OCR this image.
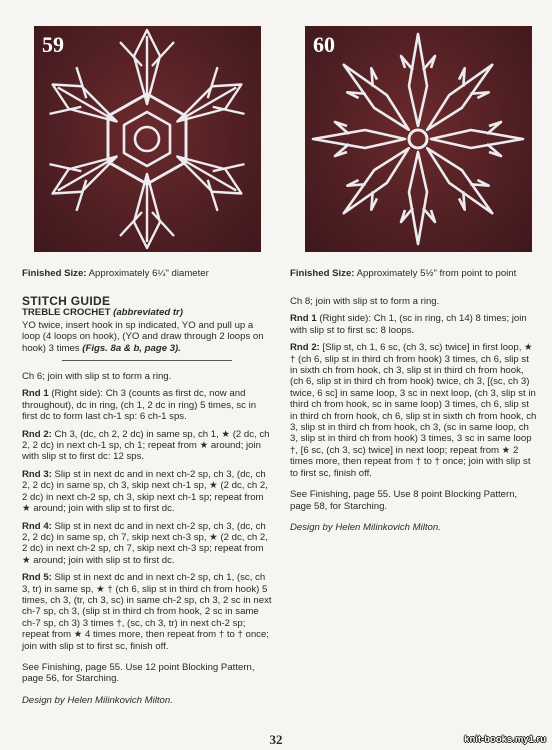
59	60
Finished Size: Approximately 6¼" diameter	Finished Size: Approximately 5½" from point to point
STITCH GUIDE
TREBLE CROCHET (abbreviated tr)

YO twice, insert hook in sp indicated, YO and pull up a loop (4 loops on hook), (YO and draw through 2 loops on hook) 3 times (Figs. 8a & b, page 3).

Ch 6; join with slip st to form a ring.

Rnd 1 (Right side): Ch 3 (counts as first dc, now and throughout), dc in ring, (ch 1, 2 dc in ring) 5 times, sc in first dc to form last ch-1 sp: 6 ch-1 sps.

Rnd 2: Ch 3, (dc, ch 2, 2 dc) in same sp, ch 1, ★ (2 dc, ch 2, 2 dc) in next ch-1 sp, ch 1; repeat from ★ around; join with slip st to first dc: 12 sps.

Rnd 3: Slip st in next dc and in next ch-2 sp, ch 3, (dc, ch 2, 2 dc) in same sp, ch 3, skip next ch-1 sp, ★ (2 dc, ch 2, 2 dc) in next ch-2 sp, ch 3, skip next ch-1 sp; repeat from ★ around; join with slip st to first dc.

Rnd 4: Slip st in next dc and in next ch-2 sp, ch 3, (dc, ch 2, 2 dc) in same sp, ch 7, skip next ch-3 sp, ★ (2 dc, ch 2, 2 dc) in next ch-2 sp, ch 7, skip next ch-3 sp; repeat from ★ around; join with slip st to first dc.

Rnd 5: Slip st in next dc and in next ch-2 sp, ch 1, (sc, ch 3, tr) in same sp, ★ † (ch 6, slip st in third ch from hook) 5 times, ch 3, (tr, ch 3, sc) in same ch-2 sp, ch 3, 2 sc in next ch-7 sp, ch 3, (slip st in third ch from hook, 2 sc in same ch-7 sp, ch 3) 3 times †, (sc, ch 3, tr) in next ch-2 sp; repeat from ★ 4 times more, then repeat from † to † once; join with slip st to first sc, finish off.

See Finishing, page 55. Use 12 point Blocking Pattern, page 56, for Starching.

Design by Helen Milinkovich Milton.

Ch 8; join with slip st to form a ring.

Rnd 1 (Right side): Ch 1, (sc in ring, ch 14) 8 times; join with slip st to first sc: 8 loops.

Rnd 2: [Slip st, ch 1, 6 sc, (ch 3, sc) twice] in first loop, ★ † (ch 6, slip st in third ch from hook) 3 times, ch 6, slip st in sixth ch from hook, ch 3, slip st in third ch from hook, (ch 6, slip st in third ch from hook) twice, ch 3, [(sc, ch 3) twice, 6 sc] in same loop, 3 sc in next loop, (ch 3, slip st in third ch from hook, sc in same loop) 3 times, ch 6, slip st in third ch from hook, ch 6, slip st in sixth ch from hook, ch 3, slip st in third ch from hook, ch 3, (sc in same loop, ch 3, slip st in third ch from hook) 3 times, 3 sc in same loop †, [6 sc, (ch 3, sc) twice] in next loop; repeat from ★ 2 times more, then repeat from † to † once; join with slip st to first sc, finish off.

See Finishing, page 55. Use 8 point Blocking Pattern, page 58, for Starching.

Design by Helen Milinkovich Milton.

32	knit-books.my1.ru
